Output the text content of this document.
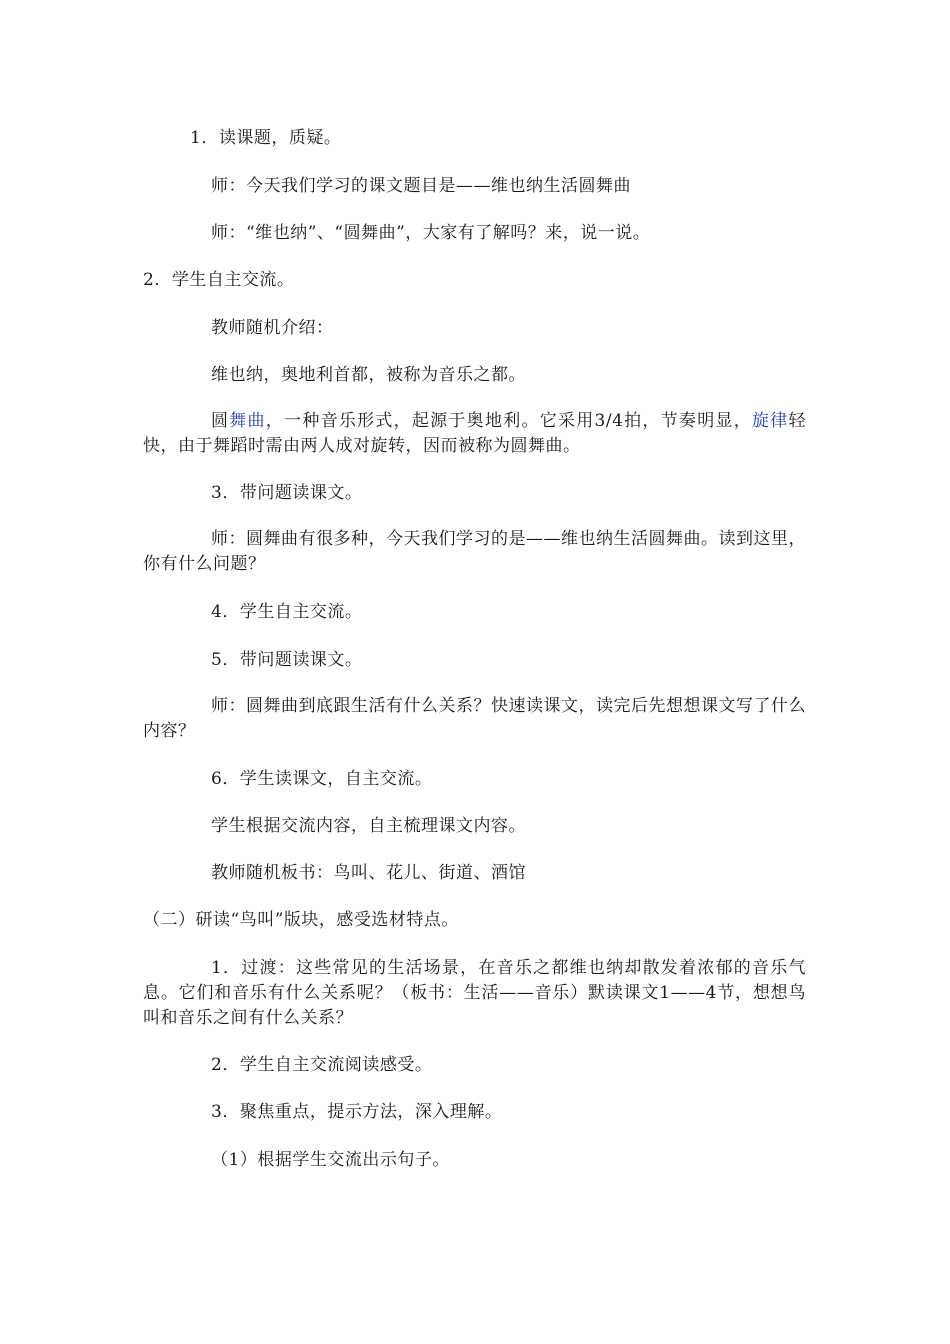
1．读课题，质疑。
师：今天我们学习的课文题目是——维也纳生活圆舞曲
师：“维也纳”、“圆舞曲”，大家有了解吗？来，说一说。
2．学生自主交流。
教师随机介绍：
维也纳，奥地利首都，被称为音乐之都。
圆舞曲，一种音乐形式，起源于奥地利。它采用3/4拍，节奏明显，旋律轻快，由于舞蹈时需由两人成对旋转，因而被称为圆舞曲。
3．带问题读课文。
师：圆舞曲有很多种，今天我们学习的是——维也纳生活圆舞曲。读到这里，你有什么问题？
4．学生自主交流。
5．带问题读课文。
师：圆舞曲到底跟生活有什么关系？快速读课文，读完后先想想课文写了什么内容？
6．学生读课文，自主交流。
学生根据交流内容，自主梳理课文内容。
教师随机板书：鸟叫、花儿、街道、酒馆
（二）研读“鸟叫”版块，感受选材特点。
1．过渡：这些常见的生活场景，在音乐之都维也纳却散发着浓郁的音乐气息。它们和音乐有什么关系呢？（板书：生活——音乐）默读课文1——4节，想想鸟叫和音乐之间有什么关系？
2．学生自主交流阅读感受。
3．聚焦重点，提示方法，深入理解。
（1）根据学生交流出示句子。
